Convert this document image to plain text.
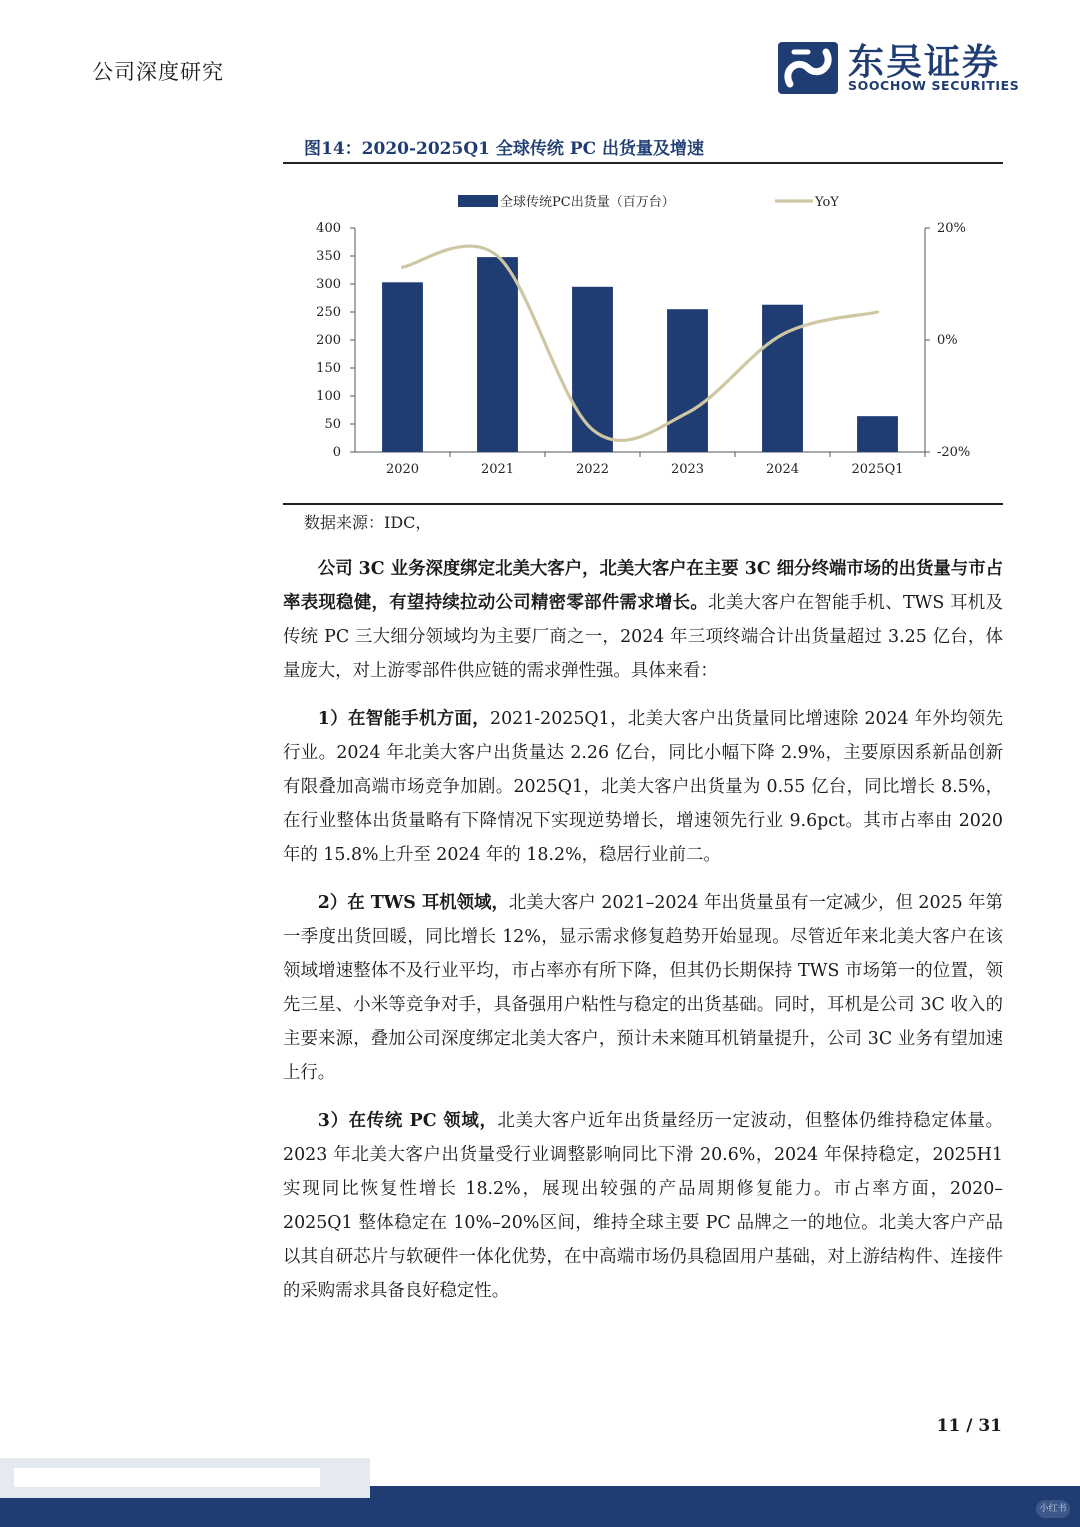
公司深度研究	东吴证券
SOOCHOW SECURITIES
图14：2020-2025Q1 全球传统 PC 出货量及增速
0
50
100
150
200
250
300
350
400
-20%
0%
20%
2020	2021	2022	2023	2024	2025Q1
全球传统PC出货量（百万台）	YoY
数据来源：IDC，
公司 3C 业务深度绑定北美大客户，北美大客户在主要 3C 细分终端市场的出货量与市占率表现稳健，有望持续拉动公司精密零部件需求增长。北美大客户在智能手机、TWS 耳机及传统 PC 三大细分领域均为主要厂商之一，2024 年三项终端合计出货量超过 3.25 亿台，体量庞大，对上游零部件供应链的需求弹性强。具体来看：
1）在智能手机方面，2021-2025Q1，北美大客户出货量同比增速除 2024 年外均领先行业。2024 年北美大客户出货量达 2.26 亿台，同比小幅下降 2.9%，主要原因系新品创新有限叠加高端市场竞争加剧。2025Q1，北美大客户出货量为 0.55 亿台，同比增长 8.5%，在行业整体出货量略有下降情况下实现逆势增长，增速领先行业 9.6pct。其市占率由 2020 年的 15.8%上升至 2024 年的 18.2%，稳居行业前二。
2）在 TWS 耳机领域，北美大客户 2021–2024 年出货量虽有一定减少，但 2025 年第一季度出货回暖，同比增长 12%，显示需求修复趋势开始显现。尽管近年来北美大客户在该领域增速整体不及行业平均，市占率亦有所下降，但其仍长期保持 TWS 市场第一的位置，领先三星、小米等竞争对手，具备强用户粘性与稳定的出货基础。同时，耳机是公司 3C 收入的主要来源，叠加公司深度绑定北美大客户，预计未来随耳机销量提升，公司 3C 业务有望加速上行。
3）在传统 PC 领域，北美大客户近年出货量经历一定波动，但整体仍维持稳定体量。2023 年北美大客户出货量受行业调整影响同比下滑 20.6%，2024 年保持稳定，2025H1 实现同比恢复性增长 18.2%，展现出较强的产品周期修复能力。市占率方面，2020–2025Q1 整体稳定在 10%–20%区间，维持全球主要 PC 品牌之一的地位。北美大客户产品以其自研芯片与软硬件一体化优势，在中高端市场仍具稳固用户基础，对上游结构件、连接件的采购需求具备良好稳定性。
11 / 31
小红书
